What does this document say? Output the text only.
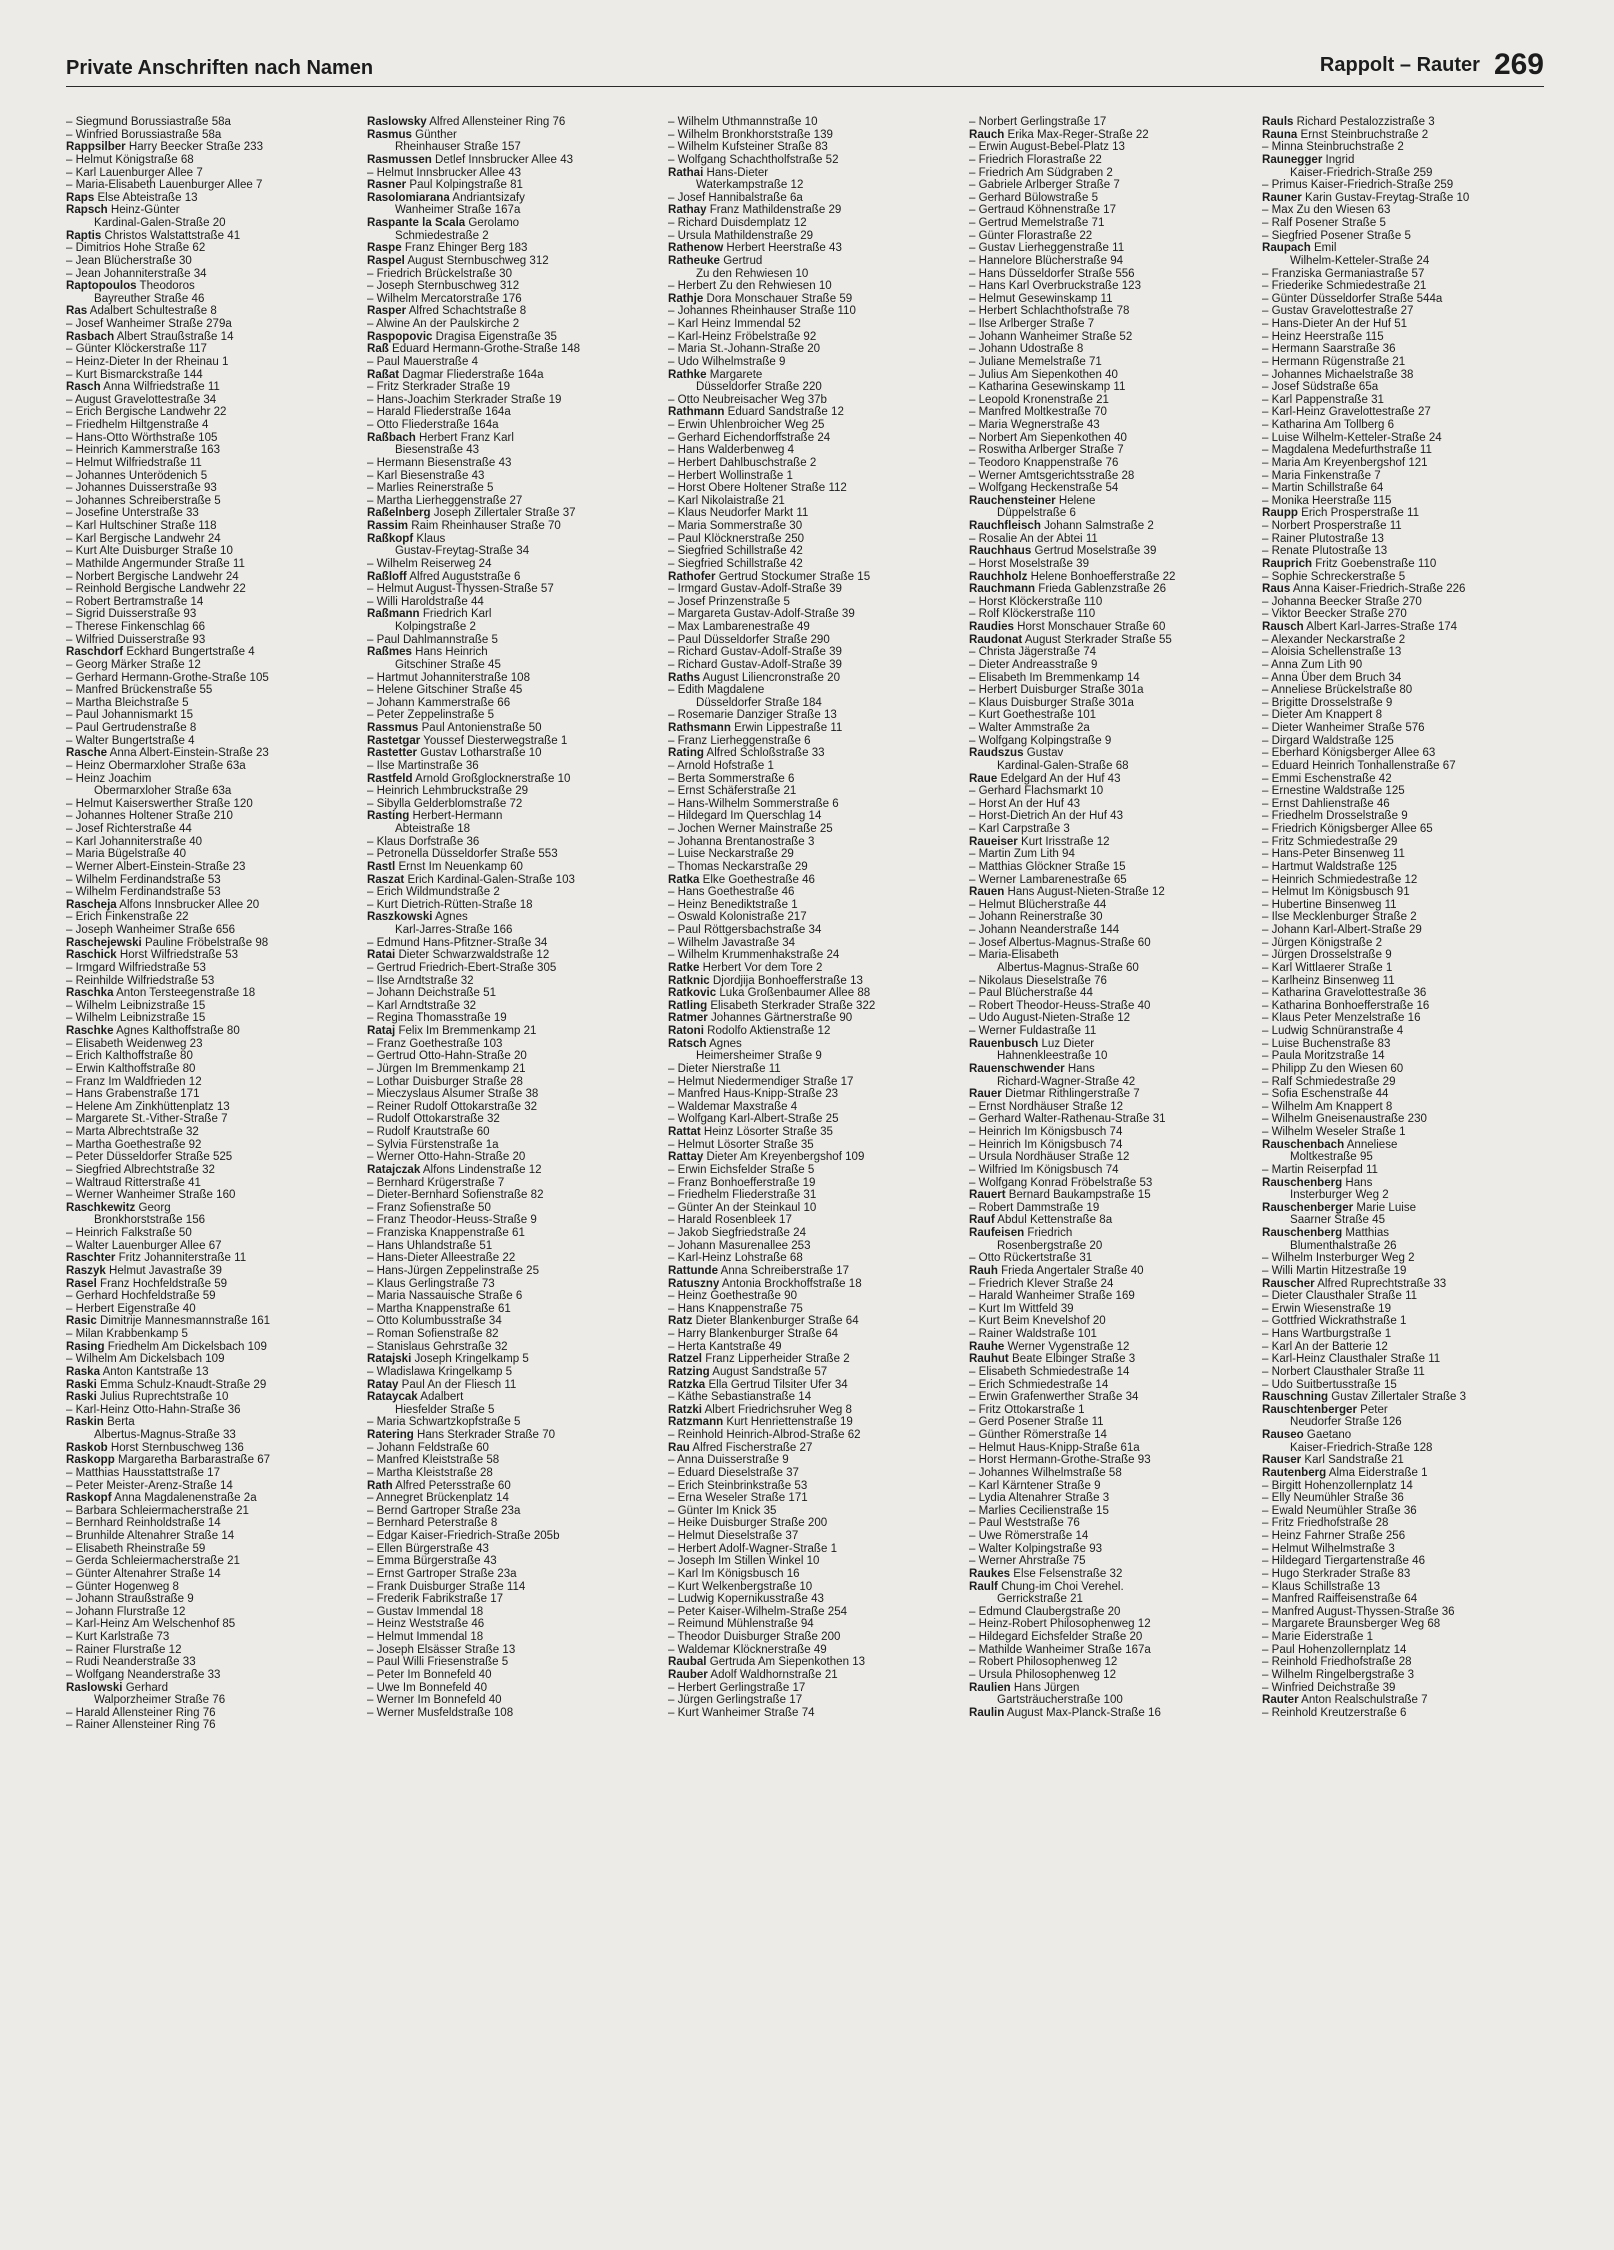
Private Anschriften nach Namen	Rappolt – Rauter 269
– Siegmund Borussiastraße 58a
– Winfried Borussiastraße 58a
Rappsilber Harry Beecker Straße 233
– Helmut Königstraße 68
– Karl Lauenburger Allee 7
– Maria-Elisabeth Lauenburger Allee 7
Raps Else Abteistraße 13
Rapsch Heinz-Günter
Kardinal-Galen-Straße 20
Raptis Christos Walstattstraße 41
– Dimitrios Hohe Straße 62
– Jean Blücherstraße 30
– Jean Johanniterstraße 34
Raptopoulos Theodoros
Bayreuther Straße 46
Ras Adalbert Schultestraße 8
– Josef Wanheimer Straße 279a
Rasbach Albert Straußstraße 14
– Günter Klöckerstraße 117
– Heinz-Dieter In der Rheinau 1
– Kurt Bismarckstraße 144
Rasch Anna Wilfriedstraße 11
– August Gravelottestraße 34
– Erich Bergische Landwehr 22
– Friedhelm Hiltgenstraße 4
– Hans-Otto Wörthstraße 105
– Heinrich Kammerstraße 163
– Helmut Wilfriedstraße 11
– Johannes Unterödenich 5
– Johannes Duisserstraße 93
– Johannes Schreiberstraße 5
– Josefine Unterstraße 33
– Karl Hultschiner Straße 118
– Karl Bergische Landwehr 24
– Kurt Alte Duisburger Straße 10
– Mathilde Angermunder Straße 11
– Norbert Bergische Landwehr 24
– Reinhold Bergische Landwehr 22
– Robert Bertramstraße 14
– Sigrid Duisserstraße 93
– Therese Finkenschlag 66
– Wilfried Duisserstraße 93
Raschdorf Eckhard Bungertstraße 4
– Georg Märker Straße 12
– Gerhard Hermann-Grothe-Straße 105
– Manfred Brückenstraße 55
– Martha Bleichstraße 5
– Paul Johannismarkt 15
– Paul Gertrudenstraße 8
– Walter Bungertstraße 4
Rasche Anna Albert-Einstein-Straße 23
– Heinz Obermarxloher Straße 63a
– Heinz Joachim
Obermarxloher Straße 63a
– Helmut Kaiserswerther Straße 120
– Johannes Holtener Straße 210
– Josef Richterstraße 44
– Karl Johanniterstraße 40
– Maria Bügelstraße 40
– Werner Albert-Einstein-Straße 23
– Wilhelm Ferdinandstraße 53
– Wilhelm Ferdinandstraße 53
Rascheja Alfons Innsbrucker Allee 20
– Erich Finkenstraße 22
– Joseph Wanheimer Straße 656
Raschejewski Pauline Fröbelstraße 98
Raschick Horst Wilfriedstraße 53
– Irmgard Wilfriedstraße 53
– Reinhilde Wilfriedstraße 53
Raschka Anton Tersteegenstraße 18
– Wilhelm Leibnizstraße 15
– Wilhelm Leibnizstraße 15
Raschke Agnes Kalthoffstraße 80
– Elisabeth Weidenweg 23
– Erich Kalthoffstraße 80
– Erwin Kalthoffstraße 80
– Franz Im Waldfrieden 12
– Hans Grabenstraße 171
– Helene Am Zinkhüttenplatz 13
– Margarete St.-Vither-Straße 7
– Marta Albrechtstraße 32
– Martha Goethestraße 92
– Peter Düsseldorfer Straße 525
– Siegfried Albrechtstraße 32
– Waltraud Ritterstraße 41
– Werner Wanheimer Straße 160
Raschkewitz Georg
Bronkhorststraße 156
– Heinrich Falkstraße 50
– Walter Lauenburger Allee 67
Raschter Fritz Johanniterstraße 11
Raszyk Helmut Javastraße 39
Rasel Franz Hochfeldstraße 59
– Gerhard Hochfeldstraße 59
– Herbert Eigenstraße 40
Rasic Dimitrije Mannesmannstraße 161
– Milan Krabbenkamp 5
Rasing Friedhelm Am Dickelsbach 109
– Wilhelm Am Dickelsbach 109
Raska Anton Kantstraße 13
Raski Emma Schulz-Knaudt-Straße 29
Raski Julius Ruprechtstraße 10
– Karl-Heinz Otto-Hahn-Straße 36
Raskin Berta
Albertus-Magnus-Straße 33
Raskob Horst Sternbuschweg 136
Raskopp Margaretha Barbarastraße 67
– Matthias Hausstattstraße 17
– Peter Meister-Arenz-Straße 14
Raskopf Anna Magdalenenstraße 2a
– Barbara Schleiermacherstraße 21
– Bernhard Reinholdstraße 14
– Brunhilde Altenahrer Straße 14
– Elisabeth Rheinstraße 59
– Gerda Schleiermacherstraße 21
– Günter Altenahrer Straße 14
– Günter Hogenweg 8
– Johann Straußstraße 9
– Johann Flurstraße 12
– Karl-Heinz Am Welschenhof 85
– Kurt Karlstraße 73
– Rainer Flurstraße 12
– Rudi Neanderstraße 33
– Wolfgang Neanderstraße 33
Raslowski Gerhard
Walporzheimer Straße 76
– Harald Allensteiner Ring 76
– Rainer Allensteiner Ring 76
Raslowsky Alfred Allensteiner Ring 76
Rasmus Günther
Rheinhauser Straße 157
Rasmussen Detlef Innsbrucker Allee 43
– Helmut Innsbrucker Allee 43
Rasner Paul Kolpingstraße 81
Rasolomiarana Andriantsizafy
Wanheimer Straße 167a
Raspante la Scala Gerolamo
Schmiedestraße 2
Raspe Franz Ehinger Berg 183
Raspel August Sternbuschweg 312
– Friedrich Brückelstraße 30
– Joseph Sternbuschweg 312
– Wilhelm Mercatorstraße 176
Rasper Alfred Schachtstraße 8
– Alwine An der Paulskirche 2
Raspopovic Dragisa Eigenstraße 35
Raß Eduard Hermann-Grothe-Straße 148
– Paul Mauerstraße 4
Raßat Dagmar Fliederstraße 164a
– Fritz Sterkrader Straße 19
– Hans-Joachim Sterkrader Straße 19
– Harald Fliederstraße 164a
– Otto Fliederstraße 164a
Raßbach Herbert Franz Karl
Biesenstraße 43
– Hermann Biesenstraße 43
– Karl Biesenstraße 43
– Marlies Reinerstraße 5
– Martha Lierheggenstraße 27
Raßelnberg Joseph Zillertaler Straße 37
Rassim Raim Rheinhauser Straße 70
Raßkopf Klaus
Gustav-Freytag-Straße 34
– Wilhelm Reiserweg 24
Raßloff Alfred Auguststraße 6
– Helmut August-Thyssen-Straße 57
– Willi Haroldstraße 44
Raßmann Friedrich Karl
Kolpingstraße 2
– Paul Dahlmannstraße 5
Raßmes Hans Heinrich
Gitschiner Straße 45
– Hartmut Johanniterstraße 108
– Helene Gitschiner Straße 45
– Johann Kammerstraße 66
– Peter Zeppelinstraße 5
Rassmus Paul Antonienstraße 50
Rastetgar Youssef Diesterwegstraße 1
Rastetter Gustav Lotharstraße 10
– Ilse Martinstraße 36
Rastfeld Arnold Großglocknerstraße 10
– Heinrich Lehmbruckstraße 29
– Sibylla Gelderblomstraße 72
Rasting Herbert-Hermann
Abteistraße 18
– Klaus Dorfstraße 36
– Petronella Düsseldorfer Straße 553
Rastl Ernst Im Neuenkamp 60
Raszat Erich Kardinal-Galen-Straße 103
– Erich Wildmundstraße 2
– Kurt Dietrich-Rütten-Straße 18
Raszkowski Agnes
Karl-Jarres-Straße 166
– Edmund Hans-Pfitzner-Straße 34
Ratai Dieter Schwarzwaldstraße 12
– Gertrud Friedrich-Ebert-Straße 305
– Ilse Arndtstraße 32
– Johann Deichstraße 51
– Karl Arndtstraße 32
– Regina Thomasstraße 19
Rataj Felix Im Bremmenkamp 21
– Franz Goethestraße 103
– Gertrud Otto-Hahn-Straße 20
– Jürgen Im Bremmenkamp 21
– Lothar Duisburger Straße 28
– Mieczyslaus Alsumer Straße 38
– Reiner Rudolf Ottokarstraße 32
– Rudolf Ottokarstraße 32
– Rudolf Krautstraße 60
– Sylvia Fürstenstraße 1a
– Werner Otto-Hahn-Straße 20
Ratajczak Alfons Lindenstraße 12
– Bernhard Krügerstraße 7
– Dieter-Bernhard Sofienstraße 82
– Franz Sofienstraße 50
– Franz Theodor-Heuss-Straße 9
– Franziska Knappenstraße 61
– Hans Uhlandstraße 51
– Hans-Dieter Alleestraße 22
– Hans-Jürgen Zeppelinstraße 25
– Klaus Gerlingstraße 73
– Maria Nassauische Straße 6
– Martha Knappenstraße 61
– Otto Kolumbusstraße 34
– Roman Sofienstraße 82
– Stanislaus Gehrstraße 32
Ratajski Joseph Kringelkamp 5
– Wladislawa Kringelkamp 5
Ratay Paul An der Fliesch 11
Rataycak Adalbert
Hiesfelder Straße 5
– Maria Schwartzkopfstraße 5
Ratering Hans Sterkrader Straße 70
– Johann Feldstraße 60
– Manfred Kleiststraße 58
– Martha Kleiststraße 28
Rath Alfred Petersstraße 60
– Annegret Brückenplatz 14
– Bernd Gartroper Straße 23a
– Bernhard Peterstraße 8
– Edgar Kaiser-Friedrich-Straße 205b
– Ellen Bürgerstraße 43
– Emma Bürgerstraße 43
– Ernst Gartroper Straße 23a
– Frank Duisburger Straße 114
– Frederik Fabrikstraße 17
– Gustav Immendal 18
– Heinz Weststraße 46
– Helmut Immendal 18
– Joseph Elsässer Straße 13
– Paul Willi Friesenstraße 5
– Peter Im Bonnefeld 40
– Uwe Im Bonnefeld 40
– Werner Im Bonnefeld 40
– Werner Musfeldstraße 108
– Wilhelm Uthmannstraße 10
– Wilhelm Bronkhorststraße 139
– Wilhelm Kufsteiner Straße 83
– Wolfgang Schachtholfstraße 52
Rathai Hans-Dieter
Waterkampstraße 12
– Josef Hannibalstraße 6a
Rathay Franz Mathildenstraße 29
– Richard Duisdemplatz 12
– Ursula Mathildenstraße 29
Rathenow Herbert Heerstraße 43
Ratheuke Gertrud
Zu den Rehwiesen 10
– Herbert Zu den Rehwiesen 10
Rathje Dora Monschauer Straße 59
– Johannes Rheinhauser Straße 110
– Karl Heinz Immendal 52
– Karl-Heinz Fröbelstraße 92
– Maria St.-Johann-Straße 20
– Udo Wilhelmstraße 9
Rathke Margarete
Düsseldorfer Straße 220
– Otto Neubreisacher Weg 37b
Rathmann Eduard Sandstraße 12
– Erwin Uhlenbroicher Weg 25
– Gerhard Eichendorffstraße 24
– Hans Walderbenweg 4
– Herbert Dahlbuschstraße 2
– Herbert Wollinstraße 1
– Horst Obere Holtener Straße 112
– Karl Nikolaistraße 21
– Klaus Neudorfer Markt 11
– Maria Sommerstraße 30
– Paul Klöcknerstraße 250
– Siegfried Schillstraße 42
– Siegfried Schillstraße 42
Rathofer Gertrud Stockumer Straße 15
– Irmgard Gustav-Adolf-Straße 39
– Josef Prinzenstraße 5
– Margareta Gustav-Adolf-Straße 39
– Max Lambarenestraße 49
– Paul Düsseldorfer Straße 290
– Richard Gustav-Adolf-Straße 39
– Richard Gustav-Adolf-Straße 39
Raths August Liliencronstraße 20
– Edith Magdalene
Düsseldorfer Straße 184
– Rosemarie Danziger Straße 13
Rathsmann Erwin Lippestraße 11
– Franz Lierheggenstraße 6
Rating Alfred Schloßstraße 33
– Arnold Hofstraße 1
– Berta Sommerstraße 6
– Ernst Schäferstraße 21
– Hans-Wilhelm Sommerstraße 6
– Hildegard Im Querschlag 14
– Jochen Werner Mainstraße 25
– Johanna Brentanostraße 3
– Luise Neckarstraße 29
– Thomas Neckarstraße 29
Ratka Elke Goethestraße 46
– Hans Goethestraße 46
– Heinz Benediktstraße 1
– Oswald Kolonistraße 217
– Paul Röttgersbachstraße 34
– Wilhelm Javastraße 34
– Wilhelm Krummenhakstraße 24
Ratke Herbert Vor dem Tore 2
Ratknic Djordjija Bonhoefferstraße 13
Ratkovic Luka Großenbaumer Allee 88
Ratling Elisabeth Sterkrader Straße 322
Ratmer Johannes Gärtnerstraße 90
Ratoni Rodolfo Aktienstraße 12
Ratsch Agnes
Heimersheimer Straße 9
– Dieter Nierstraße 11
– Helmut Niedermendiger Straße 17
– Manfred Haus-Knipp-Straße 23
– Waldemar Maxstraße 4
– Wolfgang Karl-Albert-Straße 25
Rattat Heinz Lösorter Straße 35
– Helmut Lösorter Straße 35
Rattay Dieter Am Kreyenbergshof 109
– Erwin Eichsfelder Straße 5
– Franz Bonhoefferstraße 19
– Friedhelm Fliederstraße 31
– Günter An der Steinkaul 10
– Harald Rosenbleek 17
– Jakob Siegfriedstraße 24
– Johann Masurenallee 253
– Karl-Heinz Lohstraße 68
Rattunde Anna Schreiberstraße 17
Ratuszny Antonia Brockhoffstraße 18
– Heinz Goethestraße 90
– Hans Knappenstraße 75
Ratz Dieter Blankenburger Straße 64
– Harry Blankenburger Straße 64
– Herta Kantstraße 49
Ratzel Franz Lipperheider Straße 2
Ratzing August Sandstraße 57
Ratzka Ella Gertrud Tilsiter Ufer 34
– Käthe Sebastianstraße 14
Ratzki Albert Friedrichsruher Weg 8
Ratzmann Kurt Henriettenstraße 19
– Reinhold Heinrich-Albrod-Straße 62
Rau Alfred Fischerstraße 27
– Anna Duisserstraße 9
– Eduard Dieselstraße 37
– Erich Steinbrinkstraße 53
– Erna Weseler Straße 171
– Günter Im Knick 35
– Heike Duisburger Straße 200
– Helmut Dieselstraße 37
– Herbert Adolf-Wagner-Straße 1
– Joseph Im Stillen Winkel 10
– Karl Im Königsbusch 16
– Kurt Welkenbergstraße 10
– Ludwig Kopernikusstraße 43
– Peter Kaiser-Wilhelm-Straße 254
– Reimund Mühlenstraße 94
– Theodor Duisburger Straße 200
– Waldemar Klöcknerstraße 49
Raubal Gertruda Am Siepenkothen 13
Rauber Adolf Waldhornstraße 21
– Herbert Gerlingstraße 17
– Jürgen Gerlingstraße 17
– Kurt Wanheimer Straße 74
– Norbert Gerlingstraße 17
Rauch Erika Max-Reger-Straße 22
– Erwin August-Bebel-Platz 13
– Friedrich Florastraße 22
– Friedrich Am Südgraben 2
– Gabriele Arlberger Straße 7
– Gerhard Bülowstraße 5
– Gertraud Köhnenstraße 17
– Gertrud Memelstraße 71
– Günter Florastraße 22
– Gustav Lierheggenstraße 11
– Hannelore Blücherstraße 94
– Hans Düsseldorfer Straße 556
– Hans Karl Overbruckstraße 123
– Helmut Gesewinskamp 11
– Herbert Schlachthofstraße 78
– Ilse Arlberger Straße 7
– Johann Wanheimer Straße 52
– Johann Udostraße 8
– Juliane Memelstraße 71
– Julius Am Siepenkothen 40
– Katharina Gesewinskamp 11
– Leopold Kronenstraße 21
– Manfred Moltkestraße 70
– Maria Wegnerstraße 43
– Norbert Am Siepenkothen 40
– Roswitha Arlberger Straße 7
– Teodoro Knappenstraße 76
– Werner Amtsgerichtsstraße 28
– Wolfgang Heckenstraße 54
Rauchensteiner Helene
Düppelstraße 6
Rauchfleisch Johann Salmstraße 2
– Rosalie An der Abtei 11
Rauchhaus Gertrud Moselstraße 39
– Horst Moselstraße 39
Rauchholz Helene Bonhoefferstraße 22
Rauchmann Frieda Gablenzstraße 26
– Horst Klöckerstraße 110
– Rolf Klöckerstraße 110
Raudies Horst Monschauer Straße 60
Raudonat August Sterkrader Straße 55
– Christa Jägerstraße 74
– Dieter Andreasstraße 9
– Elisabeth Im Bremmenkamp 14
– Herbert Duisburger Straße 301a
– Klaus Duisburger Straße 301a
– Kurt Goethestraße 101
– Walter Ammstraße 2a
– Wolfgang Kolpingstraße 9
Raudszus Gustav
Kardinal-Galen-Straße 68
Raue Edelgard An der Huf 43
– Gerhard Flachsmarkt 10
– Horst An der Huf 43
– Horst-Dietrich An der Huf 43
– Karl Carpstraße 3
Raueiser Kurt Irisstraße 12
– Martin Zum Lith 94
– Matthias Glöckner Straße 15
– Werner Lambarenestraße 65
Rauen Hans August-Nieten-Straße 12
– Helmut Blücherstraße 44
– Johann Reinerstraße 30
– Johann Neanderstraße 144
– Josef Albertus-Magnus-Straße 60
– Maria-Elisabeth
Albertus-Magnus-Straße 60
– Nikolaus Dieselstraße 76
– Paul Blücherstraße 44
– Robert Theodor-Heuss-Straße 40
– Udo August-Nieten-Straße 12
– Werner Fuldastraße 11
Rauenbusch Luz Dieter
Hahnenkleestraße 10
Rauenschwender Hans
Richard-Wagner-Straße 42
Rauer Dietmar Rithlingerstraße 7
– Ernst Nordhäuser Straße 12
– Gerhard Walter-Rathenau-Straße 31
– Heinrich Im Königsbusch 74
– Heinrich Im Königsbusch 74
– Ursula Nordhäuser Straße 12
– Wilfried Im Königsbusch 74
– Wolfgang Konrad Fröbelstraße 53
Rauert Bernard Baukampstraße 15
– Robert Dammstraße 19
Rauf Abdul Kettenstraße 8a
Raufeisen Friedrich
Rosenbergstraße 20
– Otto Rückertstraße 31
Rauh Frieda Angertaler Straße 40
– Friedrich Klever Straße 24
– Harald Wanheimer Straße 169
– Kurt Im Wittfeld 39
– Kurt Beim Knevelshof 20
– Rainer Waldstraße 101
Rauhe Werner Vygenstraße 12
Rauhut Beate Elbinger Straße 3
– Elisabeth Schmiedestraße 14
– Erich Schmiedestraße 14
– Erwin Grafenwerther Straße 34
– Fritz Ottokarstraße 1
– Gerd Posener Straße 11
– Günther Römerstraße 14
– Helmut Haus-Knipp-Straße 61a
– Horst Hermann-Grothe-Straße 93
– Johannes Wilhelmstraße 58
– Karl Kärntener Straße 9
– Lydia Altenahrer Straße 3
– Marlies Cecilienstraße 15
– Paul Weststraße 76
– Uwe Römerstraße 14
– Walter Kolpingstraße 93
– Werner Ahrstraße 75
Raukes Else Felsenstraße 32
Raulf Chung-im Choi Verehel.
Gerrickstraße 21
– Edmund Claubergstraße 20
– Heinz-Robert Philosophenweg 12
– Hildegard Eichsfelder Straße 20
– Mathilde Wanheimer Straße 167a
– Robert Philosophenweg 12
– Ursula Philosophenweg 12
Raulien Hans Jürgen
Gartsträucherstraße 100
Raulin August Max-Planck-Straße 16
Rauls Richard Pestalozzistraße 3
Rauna Ernst Steinbruchstraße 2
– Minna Steinbruchstraße 2
Raunegger Ingrid
Kaiser-Friedrich-Straße 259
– Primus Kaiser-Friedrich-Straße 259
Rauner Karin Gustav-Freytag-Straße 10
– Max Zu den Wiesen 63
– Ralf Posener Straße 5
– Siegfried Posener Straße 5
Raupach Emil
Wilhelm-Ketteler-Straße 24
– Franziska Germaniastraße 57
– Friederike Schmiedestraße 21
– Günter Düsseldorfer Straße 544a
– Gustav Gravelottestraße 27
– Hans-Dieter An der Huf 51
– Heinz Heerstraße 115
– Hermann Saarstraße 36
– Hermann Rügenstraße 21
– Johannes Michaelstraße 38
– Josef Südstraße 65a
– Karl Pappenstraße 31
– Karl-Heinz Gravelottestraße 27
– Katharina Am Tollberg 6
– Luise Wilhelm-Ketteler-Straße 24
– Magdalena Medefurthstraße 11
– Maria Am Kreyenbergshof 121
– Maria Finkenstraße 7
– Martin Schillstraße 64
– Monika Heerstraße 115
Raupp Erich Prosperstraße 11
– Norbert Prosperstraße 11
– Rainer Plutostraße 13
– Renate Plutostraße 13
Rauprich Fritz Goebenstraße 110
– Sophie Schreckerstraße 5
Raus Anna Kaiser-Friedrich-Straße 226
– Johanna Beecker Straße 270
– Viktor Beecker Straße 270
Rausch Albert Karl-Jarres-Straße 174
– Alexander Neckarstraße 2
– Aloisia Schellenstraße 13
– Anna Zum Lith 90
– Anna Über dem Bruch 34
– Anneliese Brückelstraße 80
– Brigitte Drosselstraße 9
– Dieter Am Knappert 8
– Dieter Wanheimer Straße 576
– Dirgard Waldstraße 125
– Eberhard Königsberger Allee 63
– Eduard Heinrich Tonhallenstraße 67
– Emmi Eschenstraße 42
– Ernestine Waldstraße 125
– Ernst Dahlienstraße 46
– Friedhelm Drosselstraße 9
– Friedrich Königsberger Allee 65
– Fritz Schmiedestraße 29
– Hans-Peter Binsenweg 11
– Hartmut Waldstraße 125
– Heinrich Schmiedestraße 12
– Helmut Im Königsbusch 91
– Hubertine Binsenweg 11
– Ilse Mecklenburger Straße 2
– Johann Karl-Albert-Straße 29
– Jürgen Königstraße 2
– Jürgen Drosselstraße 9
– Karl Wittlaerer Straße 1
– Karlheinz Binsenweg 11
– Katharina Gravelottestraße 36
– Katharina Bonhoefferstraße 16
– Klaus Peter Menzelstraße 16
– Ludwig Schnüranstraße 4
– Luise Buchenstraße 83
– Paula Moritzstraße 14
– Philipp Zu den Wiesen 60
– Ralf Schmiedestraße 29
– Sofia Eschenstraße 44
– Wilhelm Am Knappert 8
– Wilhelm Gneisenaustraße 230
– Wilhelm Weseler Straße 1
Rauschenbach Anneliese
Moltkestraße 95
– Martin Reiserpfad 11
Rauschenberg Hans
Insterburger Weg 2
Rauschenberger Marie Luise
Saarner Straße 45
Rauschenberg Matthias
Blumenthalstraße 26
– Wilhelm Insterburger Weg 2
– Willi Martin Hitzestraße 19
Rauscher Alfred Ruprechtstraße 33
– Dieter Clausthaler Straße 11
– Erwin Wiesenstraße 19
– Gottfried Wickrathstraße 1
– Hans Wartburgstraße 1
– Karl An der Batterie 12
– Karl-Heinz Clausthaler Straße 11
– Norbert Clausthaler Straße 11
– Udo Suitbertusstraße 15
Rauschning Gustav Zillertaler Straße 3
Rauschtenberger Peter
Neudorfer Straße 126
Rauseo Gaetano
Kaiser-Friedrich-Straße 128
Rauser Karl Sandstraße 21
Rautenberg Alma Eiderstraße 1
– Birgitt Hohenzollernplatz 14
– Elly Neumühler Straße 36
– Ewald Neumühler Straße 36
– Fritz Friedhofstraße 28
– Heinz Fahrner Straße 256
– Helmut Wilhelmstraße 3
– Hildegard Tiergartenstraße 46
– Hugo Sterkrader Straße 83
– Klaus Schillstraße 13
– Manfred Raiffeisenstraße 64
– Manfred August-Thyssen-Straße 36
– Margarete Braunsberger Weg 68
– Marie Eiderstraße 1
– Paul Hohenzollernplatz 14
– Reinhold Friedhofstraße 28
– Wilhelm Ringelbergstraße 3
– Winfried Deichstraße 39
Rauter Anton Realschulstraße 7
– Reinhold Kreutzerstraße 6
